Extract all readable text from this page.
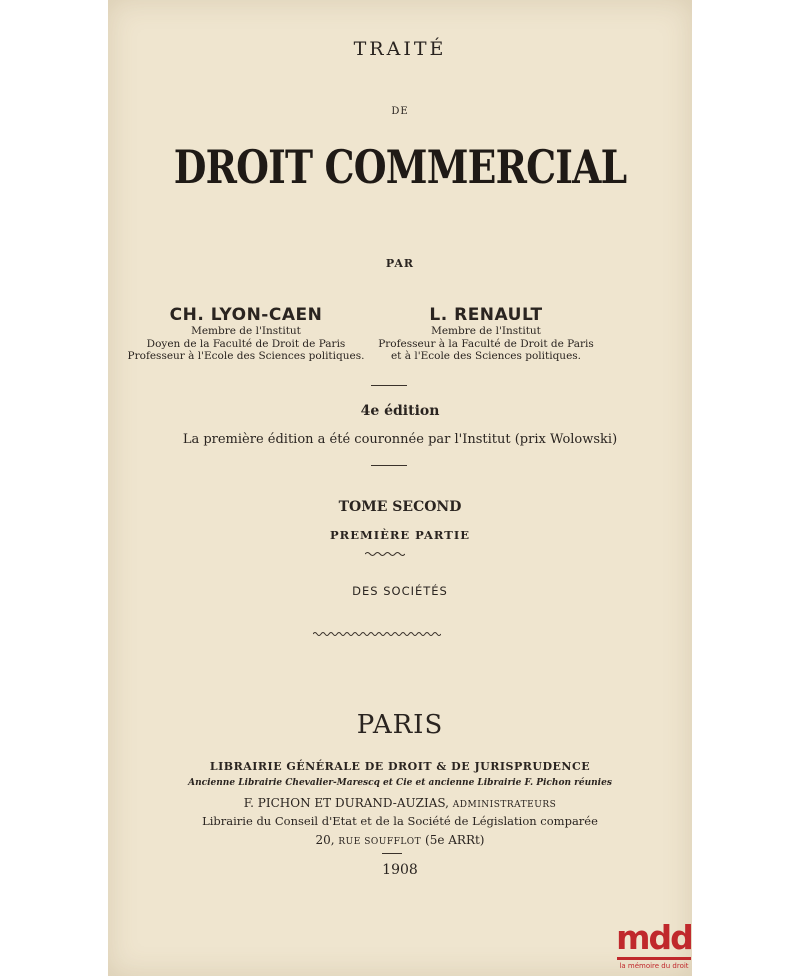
TRAITÉ
DE
DROIT COMMERCIAL
PAR
CH. LYON-CAEN
Membre de l'Institut
Doyen de la Faculté de Droit de Paris
Professeur à l'Ecole des Sciences politiques.
L. RENAULT
Membre de l'Institut
Professeur à la Faculté de Droit de Paris
et à l'Ecole des Sciences politiques.
4e édition
La première édition a été couronnée par l'Institut (prix Wolowski)
TOME SECOND
PREMIÈRE PARTIE
DES SOCIÉTÉS
PARIS
LIBRAIRIE GÉNÉRALE DE DROIT & DE JURISPRUDENCE
Ancienne Librairie Chevalier-Marescq et Cie et ancienne Librairie F. Pichon réunies
F. PICHON ET DURAND-AUZIAS, ADMINISTRATEURS
Librairie du Conseil d'Etat et de la Société de Législation comparée
20, RUE SOUFFLOT (5e ARRt)
1908
mdd
la mémoire du droit
